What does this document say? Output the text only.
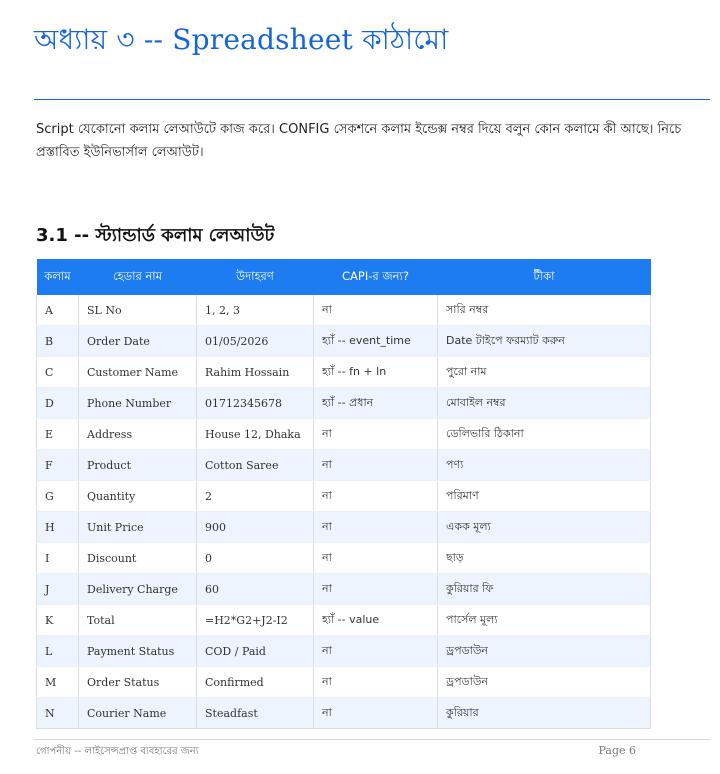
অধ্যায় ৩ -- Spreadsheet কাঠামো
Script যেকোনো কলাম লেআউটে কাজ করে। CONFIG সেকশনে কলাম ইন্ডেক্স নম্বর দিয়ে বলুন কোন কলামে কী আছে। নিচে প্রস্তাবিত ইউনিভার্সাল লেআউট।
3.1 -- স্ট্যান্ডার্ড কলাম লেআউট
কলাম	হেডার নাম	উদাহরণ	CAPI-র জন্য?	টীকা
A	SL No	1, 2, 3	না	সারি নম্বর
B	Order Date	01/05/2026	হ্যাঁ -- event_time	Date টাইপে ফরম্যাট করুন
C	Customer Name	Rahim Hossain	হ্যাঁ -- fn + ln	পুরো নাম
D	Phone Number	01712345678	হ্যাঁ -- প্রধান	মোবাইল নম্বর
E	Address	House 12, Dhaka	না	ডেলিভারি ঠিকানা
F	Product	Cotton Saree	না	পণ্য
G	Quantity	2	না	পরিমাণ
H	Unit Price	900	না	একক মূল্য
I	Discount	0	না	ছাড়
J	Delivery Charge	60	না	কুরিয়ার ফি
K	Total	=H2*G2+J2-I2	হ্যাঁ -- value	পার্সেল মূল্য
L	Payment Status	COD / Paid	না	ড্রপডাউন
M	Order Status	Confirmed	না	ড্রপডাউন
N	Courier Name	Steadfast	না	কুরিয়ার
গোপনীয় -- লাইসেন্সপ্রাপ্ত ব্যবহারের জন্য	Page 6
